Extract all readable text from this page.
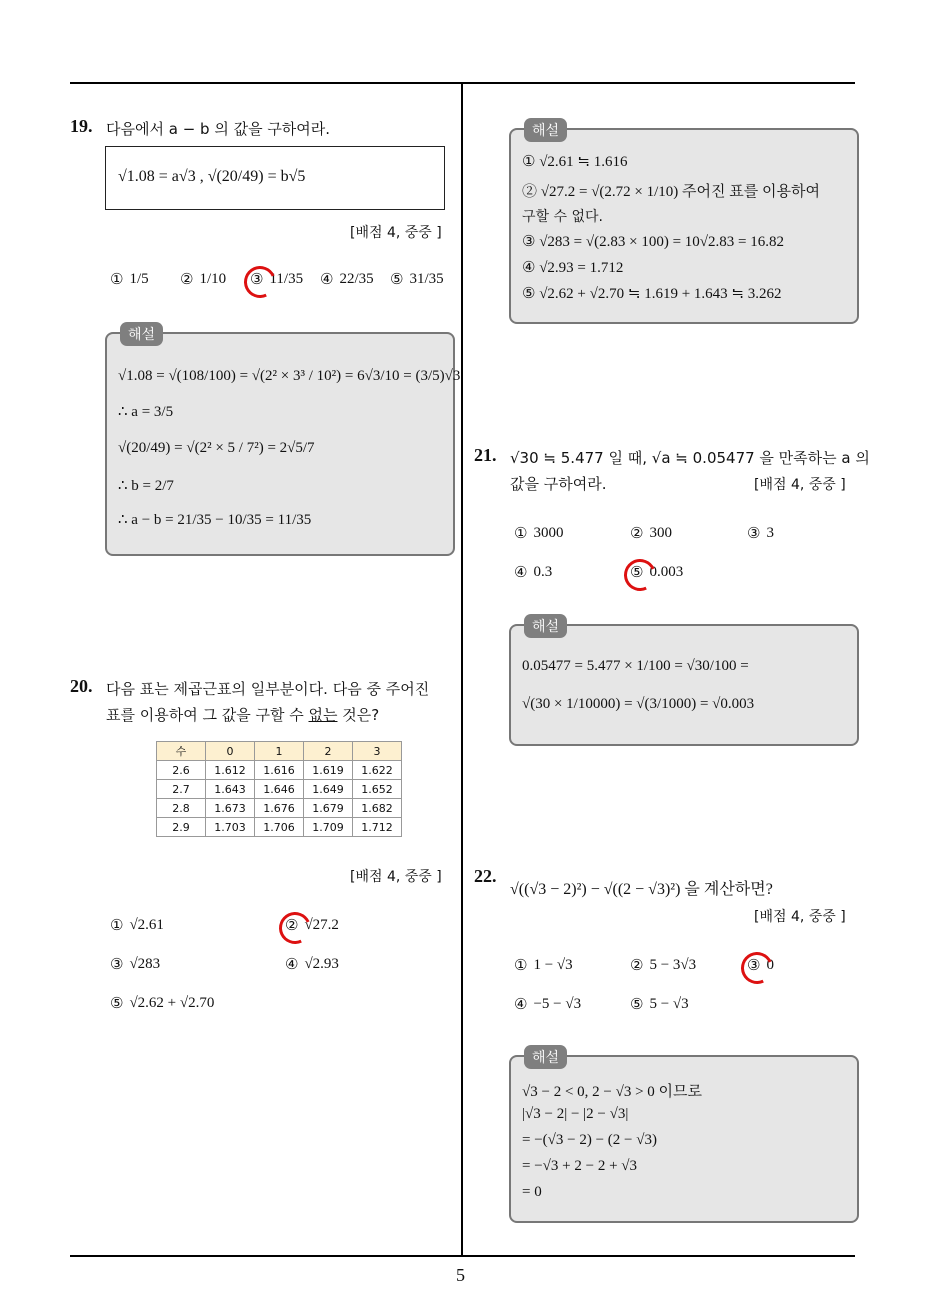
5
19. 다음에서 a − b 의 값을 구하여라.
√1.08 = a√3 , √(20/49) = b√5
[배점 4, 중중 ]
① 1/5 ② 1/10 ③ 11/35 ④ 22/35 ⑤ 31/35
해설
√1.08 = √(108/100) = √(2² × 3³ / 10²) = 6√3/10 = (3/5)√3
∴ a = 3/5
√(20/49) = √(2² × 5 / 7²) = 2√5/7
∴ b = 2/7
∴ a − b = 21/35 − 10/35 = 11/35
20. 다음 표는 제곱근표의 일부분이다. 다음 중 주어진
표를 이용하여 그 값을 구할 수 없는 것은?
수	0	1	2	3
2.6	1.612	1.616	1.619	1.622
2.7	1.643	1.646	1.649	1.652
2.8	1.673	1.676	1.679	1.682
2.9	1.703	1.706	1.709	1.712
[배점 4, 중중 ]
① √2.61	② √27.2
③ √283	④ √2.93
⑤ √2.62 + √2.70
해설
① √2.61 ≒ 1.616
② √27.2 = √(2.72 × 1/10) 주어진 표를 이용하여
구할 수 없다.
③ √283 = √(2.83 × 100) = 10√2.83 = 16.82
④ √2.93 = 1.712
⑤ √2.62 + √2.70 ≒ 1.619 + 1.643 ≒ 3.262
21. √30 ≒ 5.477 일 때, √a ≒ 0.05477 을 만족하는 a 의
값을 구하여라.	[배점 4, 중중 ]
① 3000	② 300	③ 3
④ 0.3	⑤ 0.003
해설
0.05477 = 5.477 × 1/100 = √30/100 =
√(30 × 1/10000) = √(3/1000) = √0.003
22.
√((√3 − 2)²) − √((2 − √3)²) 을 계산하면?
[배점 4, 중중 ]
① 1 − √3	② 5 − 3√3	③ 0
④ −5 − √3	⑤ 5 − √3
해설
√3 − 2 < 0, 2 − √3 > 0 이므로
|√3 − 2| − |2 − √3|
= −(√3 − 2) − (2 − √3)
= −√3 + 2 − 2 + √3
= 0
